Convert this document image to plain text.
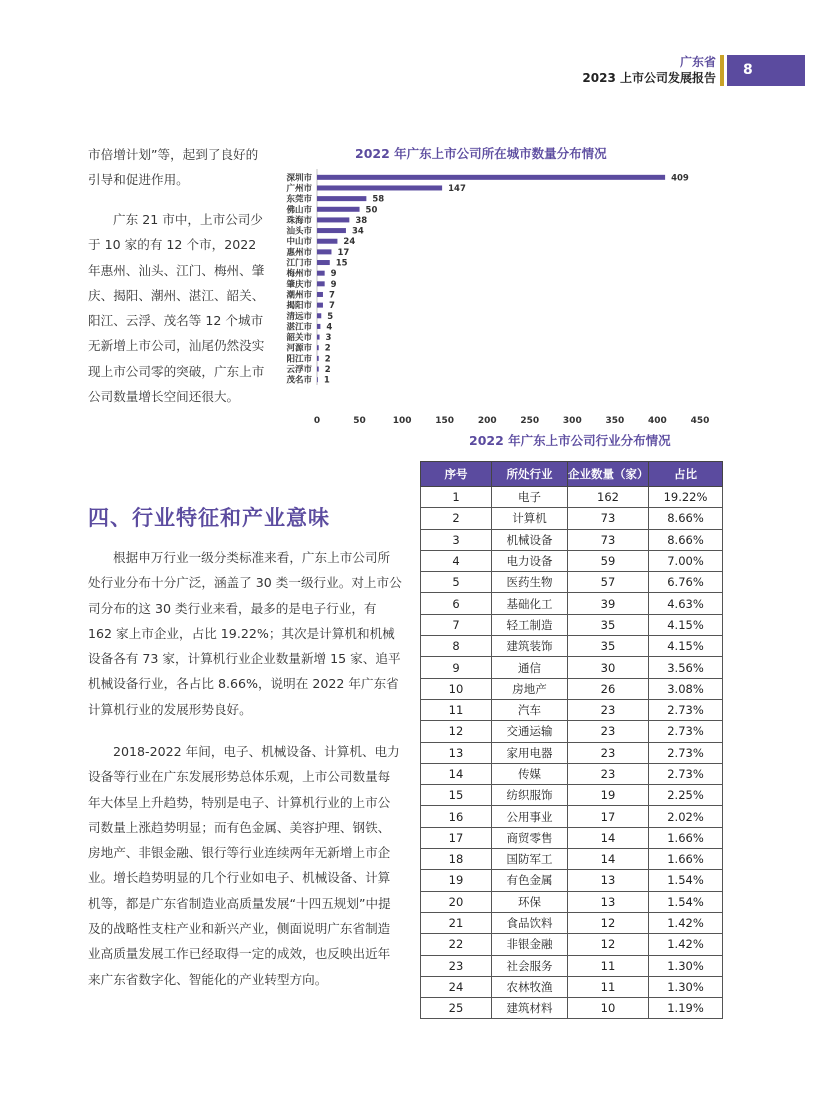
广东省
2023 上市公司发展报告	8

市倍增计划”等，起到了良好的引导和促进作用。

广东 21 市中，上市公司少于 10 家的有 12 个市，2022 年惠州、汕头、江门、梅州、肇庆、揭阳、潮州、湛江、韶关、阳江、云浮、茂名等 12 个城市无新增上市公司，汕尾仍然没实现上市公司零的突破，广东上市公司数量增长空间还很大。

2022 年广东上市公司所在城市数量分布情况
深圳市	409
广州市	147
东莞市	58
佛山市	50
珠海市	38
汕头市	34
中山市	24
惠州市	17
江门市	15
梅州市 9
肇庆市 9
潮州市 7
揭阳市 7
清远市 5
湛江市 4
韶关市 3
河源市 2
阳江市 2
云浮市 2
茂名市 1
0	50	100	150	200	250	300	350	400	450
2022 年广东上市公司行业分布情况
序号	所处行业	企业数量（家）	占比
1	电子	162	19.22%
2	计算机	73	8.66%
3	机械设备	73	8.66%
4	电力设备	59	7.00%
5	医药生物	57	6.76%
6	基础化工	39	4.63%
7	轻工制造	35	4.15%
8	建筑装饰	35	4.15%
9	通信	30	3.56%
10	房地产	26	3.08%
11	汽车	23	2.73%
12	交通运输	23	2.73%
13	家用电器	23	2.73%
14	传媒	23	2.73%
15	纺织服饰	19	2.25%
16	公用事业	17	2.02%
17	商贸零售	14	1.66%
18	国防军工	14	1.66%
19	有色金属	13	1.54%
20	环保	13	1.54%
21	食品饮料	12	1.42%
22	非银金融	12	1.42%
23	社会服务	11	1.30%
24	农林牧渔	11	1.30%
25	建筑材料	10	1.19%
四、行业特征和产业意味

根据申万行业一级分类标准来看，广东上市公司所处行业分布十分广泛，涵盖了 30 类一级行业。对上市公司分布的这 30 类行业来看，最多的是电子行业，有 162 家上市企业，占比 19.22%；其次是计算机和机械设备各有 73 家，计算机行业企业数量新增 15 家、追平机械设备行业，各占比 8.66%，说明在 2022 年广东省计算机行业的发展形势良好。

2018-2022 年间，电子、机械设备、计算机、电力设备等行业在广东发展形势总体乐观，上市公司数量每年大体呈上升趋势，特别是电子、计算机行业的上市公司数量上涨趋势明显；而有色金属、美容护理、钢铁、房地产、非银金融、银行等行业连续两年无新增上市企业。增长趋势明显的几个行业如电子、机械设备、计算机等，都是广东省制造业高质量发展“十四五规划”中提及的战略性支柱产业和新兴产业，侧面说明广东省制造业高质量发展工作已经取得一定的成效，也反映出近年来广东省数字化、智能化的产业转型方向。
